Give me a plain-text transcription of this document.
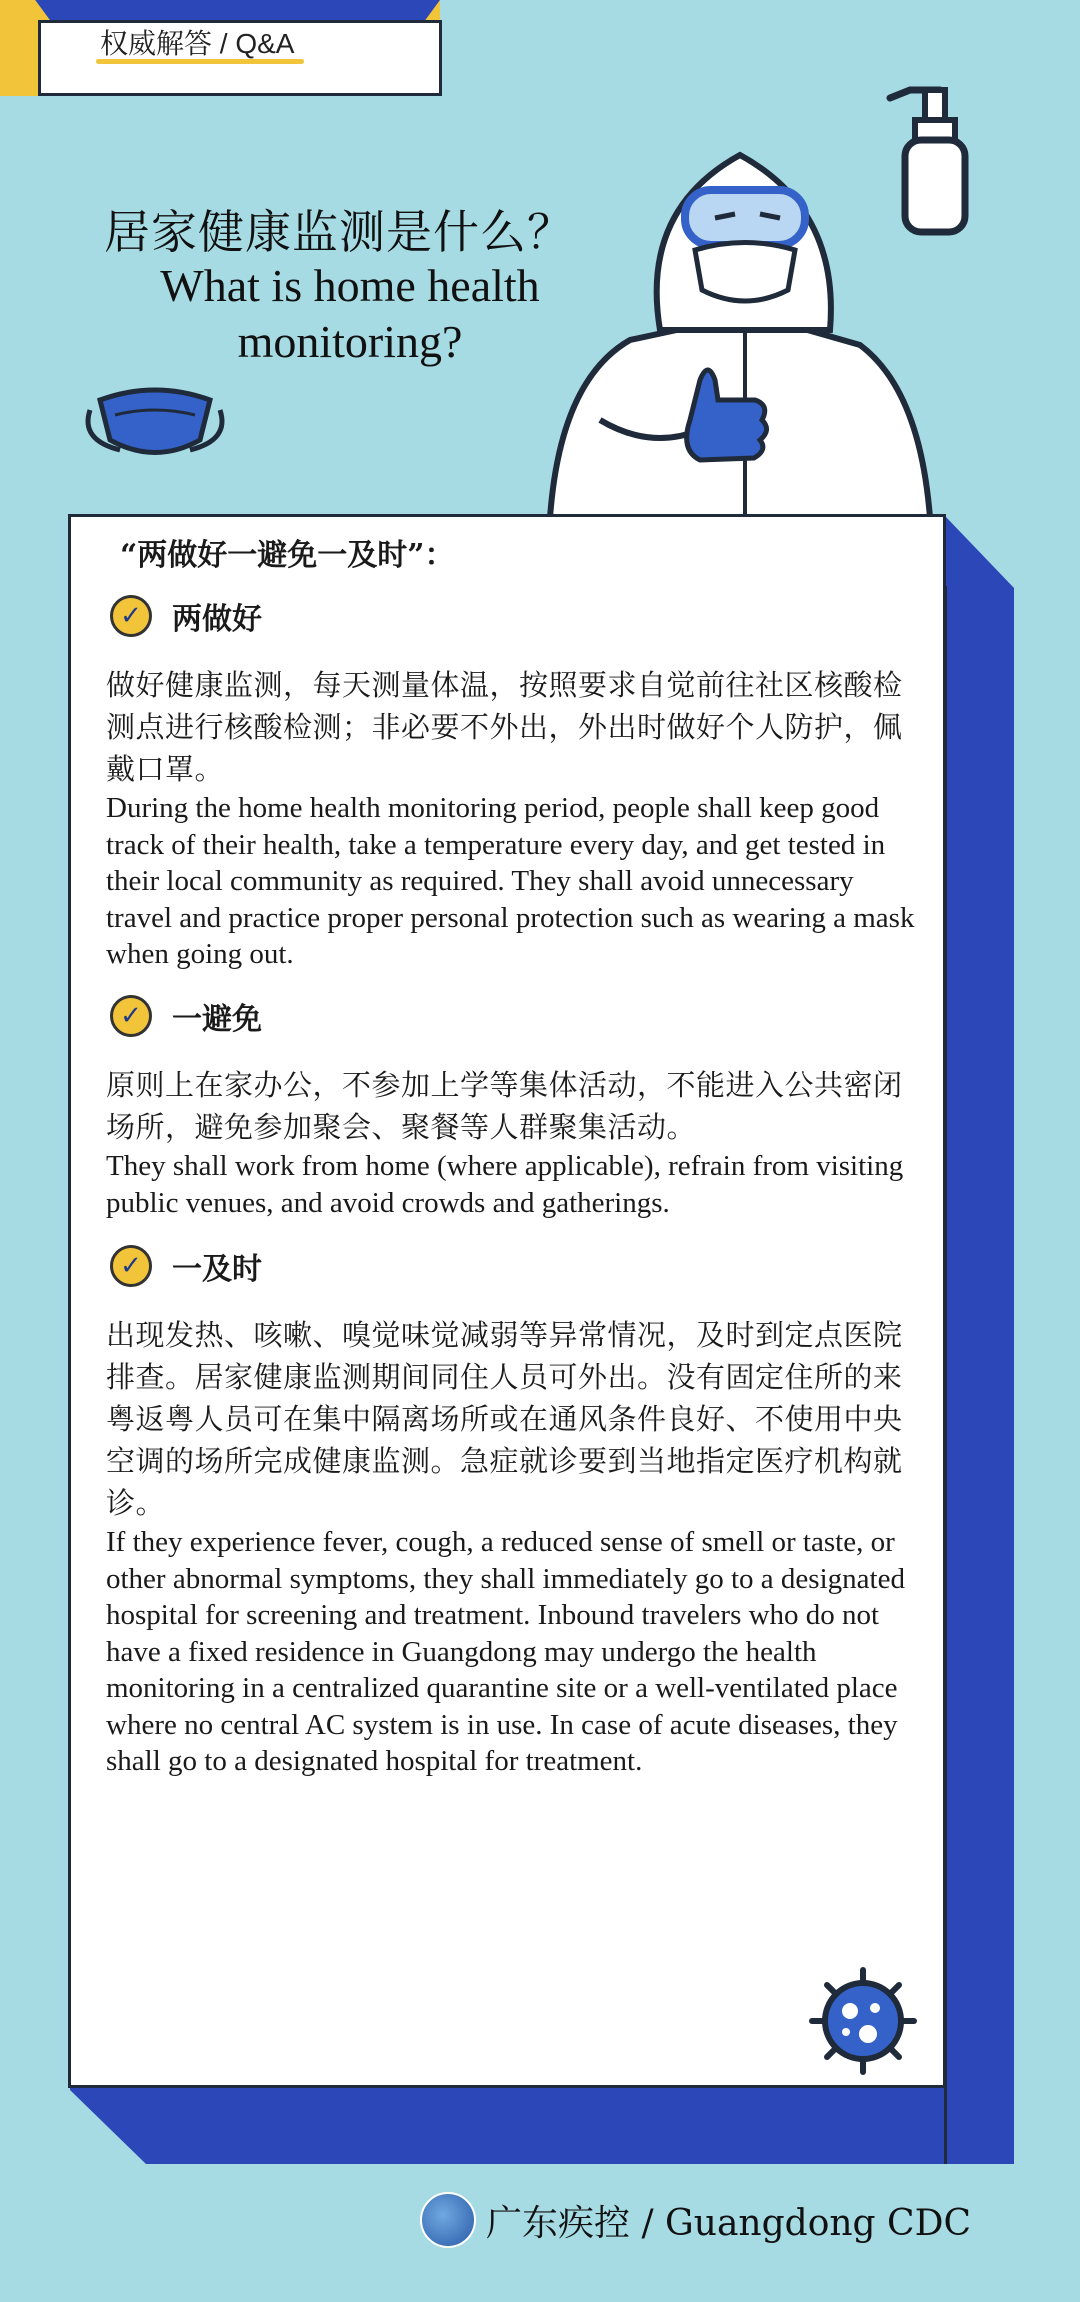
权威解答 / Q&A
居家健康监测是什么？
What is home health monitoring?
“两做好一避免一及时”：
✓	两做好
做好健康监测，每天测量体温，按照要求自觉前往社区核酸检测点进行核酸检测；非必要不外出，外出时做好个人防护，佩戴口罩。
During the home health monitoring period, people shall keep good track of their health, take a temperature every day, and get tested in their local community as required. They shall avoid unnecessary travel and practice proper personal protection such as wearing a mask when going out.
✓	一避免
原则上在家办公，不参加上学等集体活动，不能进入公共密闭场所，避免参加聚会、聚餐等人群聚集活动。
They shall work from home (where applicable), refrain from visiting public venues, and avoid crowds and gatherings.
✓	一及时
出现发热、咳嗽、嗅觉味觉减弱等异常情况，及时到定点医院排查。居家健康监测期间同住人员可外出。没有固定住所的来粤返粤人员可在集中隔离场所或在通风条件良好、不使用中央空调的场所完成健康监测。急症就诊要到当地指定医疗机构就诊。
If they experience fever, cough, a reduced sense of smell or taste, or other abnormal symptoms, they shall immediately go to a designated hospital for screening and treatment. Inbound travelers who do not have a fixed residence in Guangdong may undergo the health monitoring in a centralized quarantine site or a well-ventilated place where no central AC system is in use. In case of acute diseases, they shall go to a designated hospital for treatment.
广东疾控 / Guangdong CDC
